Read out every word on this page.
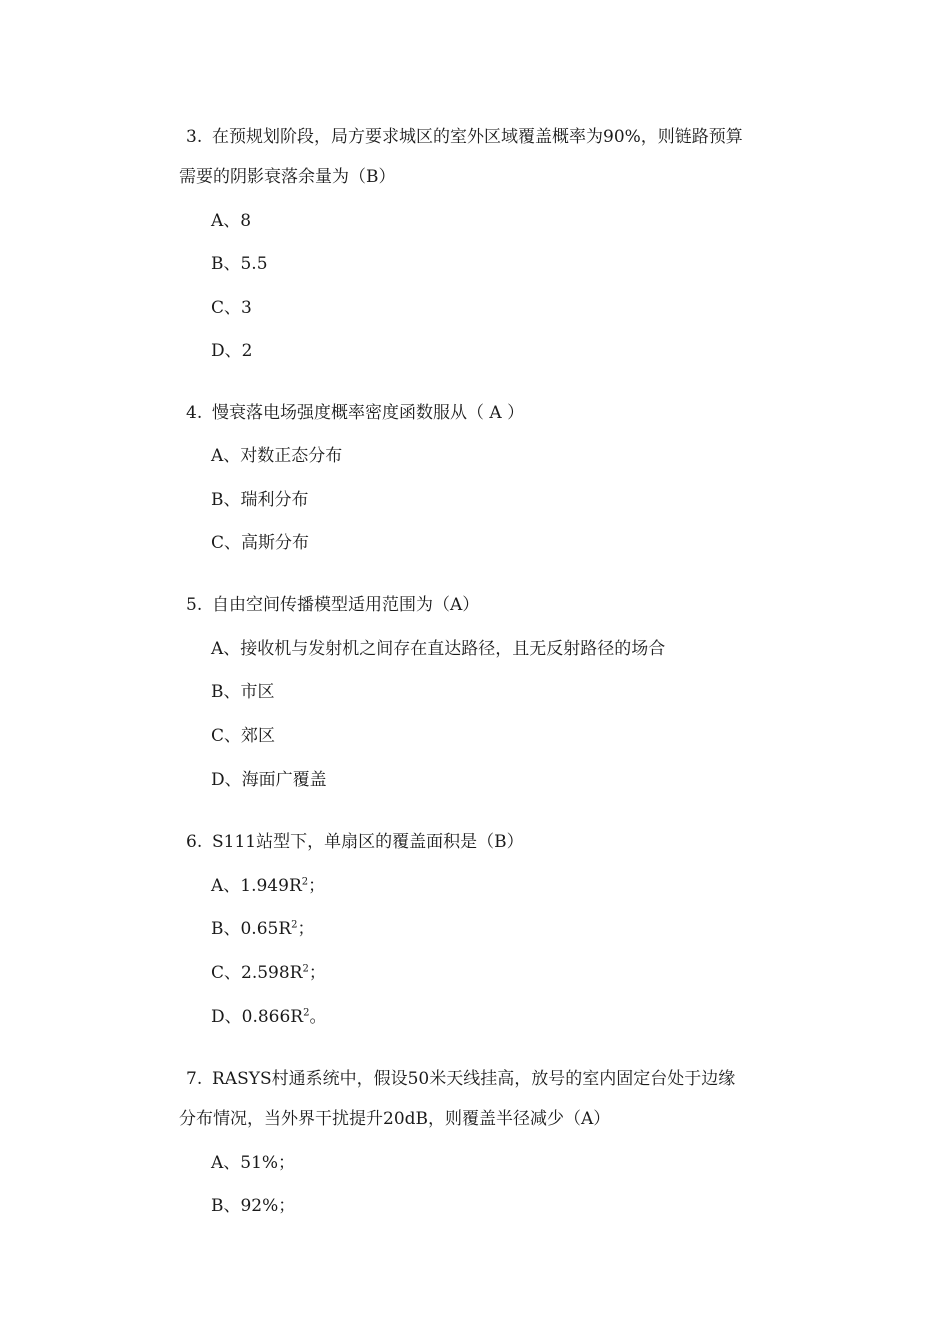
3. 在预规划阶段，局方要求城区的室外区域覆盖概率为90%，则链路预算
需要的阴影衰落余量为（B）
A、8
B、5.5
C、3
D、2
4. 慢衰落电场强度概率密度函数服从（ A ）
A、对数正态分布
B、瑞利分布
C、高斯分布
5. 自由空间传播模型适用范围为（A）
A、接收机与发射机之间存在直达路径，且无反射路径的场合
B、市区
C、郊区
D、海面广覆盖
6. S111站型下，单扇区的覆盖面积是（B）
A、$1.949R^2$；
B、$0.65R^2$；
C、$2.598R^2$；
D、$0.866R^2$。
7. RASYS村通系统中，假设50米天线挂高，放号的室内固定台处于边缘
分布情况，当外界干扰提升20dB，则覆盖半径减少（A）
A、51%；
B、92%；
